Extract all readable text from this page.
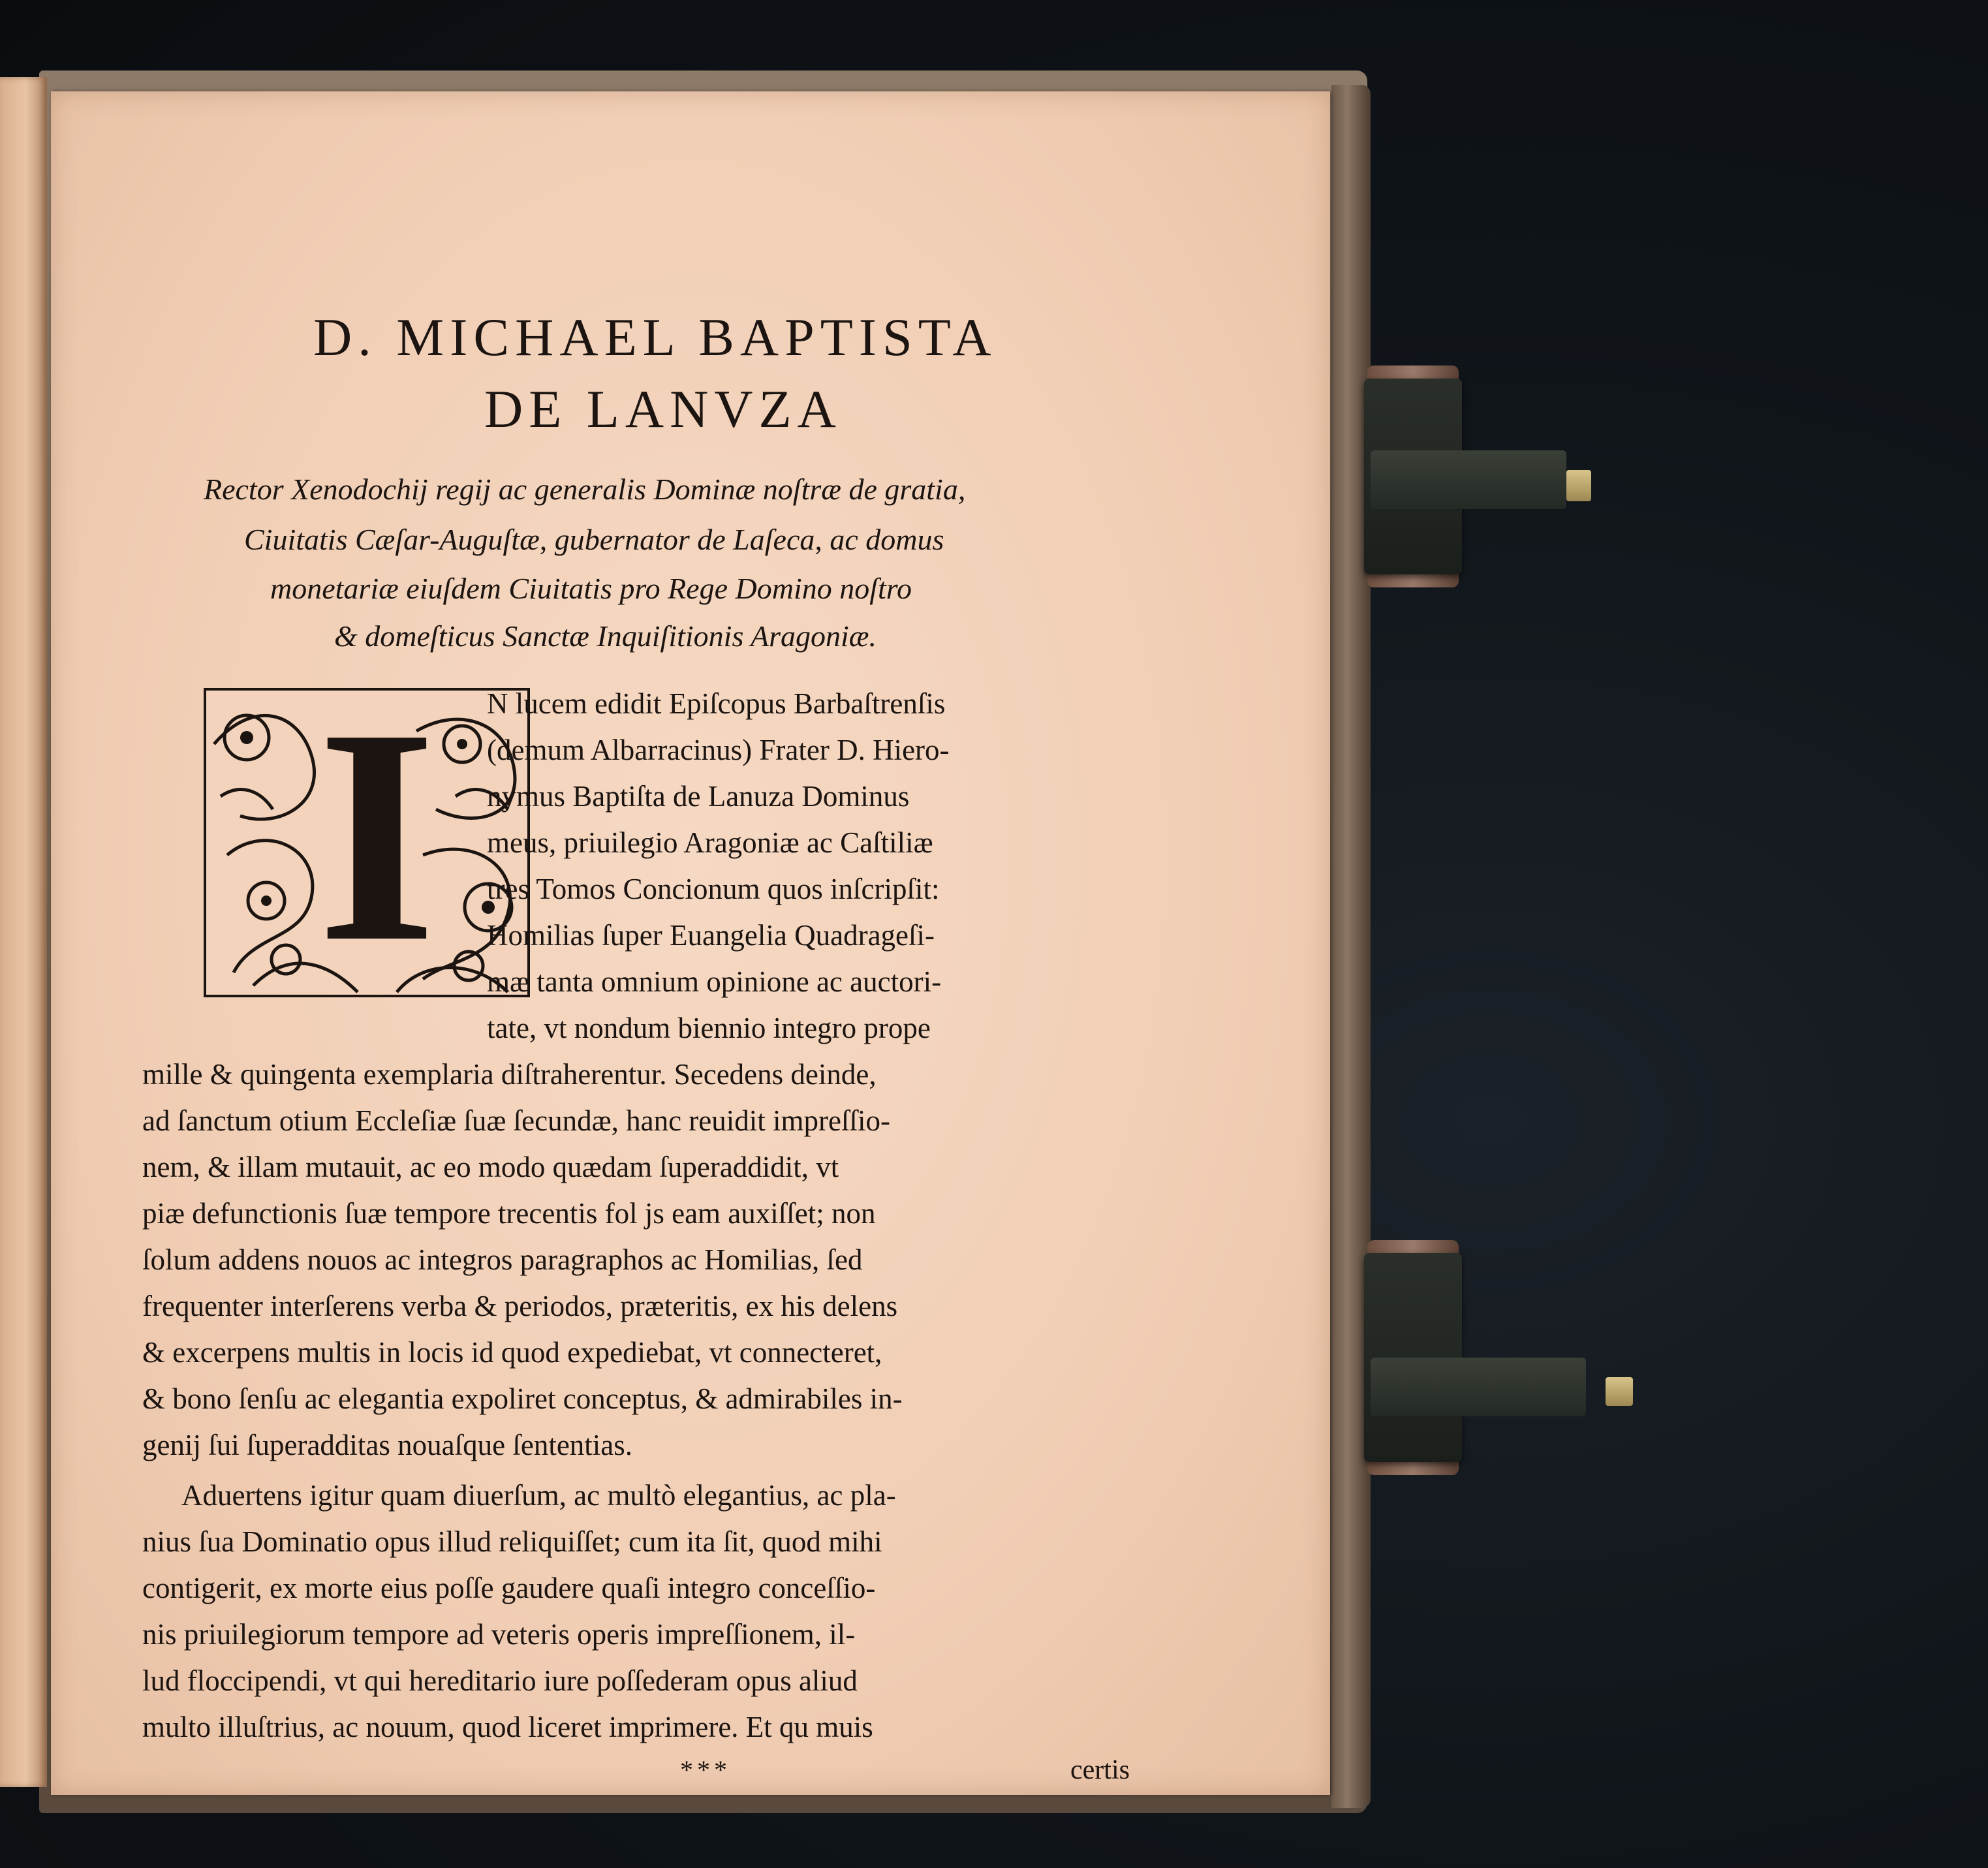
D. MICHAEL BAPTISTA
DE LANVZA
Rector Xenodochij regij ac generalis Dominæ noſtræ de gratia,
Ciuitatis Cæſar-Auguſtæ, gubernator de Laſeca, ac domus
monetariæ eiuſdem Ciuitatis pro Rege Domino noſtro
& domeſticus Sanctæ Inquiſitionis Aragoniæ.
I N lucem edidit Epiſcopus Barbaſtrenſis
(demum Albarracinus) Frater D. Hiero-
nymus Baptiſta de Lanuza Dominus
meus, priuilegio Aragoniæ ac Caſtiliæ
tres Tomos Concionum quos inſcripſit:
Homilias ſuper Euangelia Quadrageſi-
mæ tanta omnium opinione ac auctori-
tate, vt nondum biennio integro prope
mille & quingenta exemplaria diſtraherentur. Secedens deinde,
ad ſanctum otium Eccleſiæ ſuæ ſecundæ, hanc reuidit impreſſio-
nem, & illam mutauit, ac eo modo quædam ſuperaddidit, vt
piæ defunctionis ſuæ tempore trecentis fol js eam auxiſſet; non
ſolum addens nouos ac integros paragraphos ac Homilias, ſed
frequenter interſerens verba & periodos, præteritis, ex his delens
& excerpens multis in locis id quod expediebat, vt connecteret,
& bono ſenſu ac elegantia expoliret conceptus, & admirabiles in-
genij ſui ſuperadditas nouaſque ſententias.
Aduertens igitur quam diuerſum, ac multò elegantius, ac pla-
nius ſua Dominatio opus illud reliquiſſet; cum ita ſit, quod mihi
contigerit, ex morte eius poſſe gaudere quaſi integro conceſſio-
nis priuilegiorum tempore ad veteris operis impreſſionem, il-
lud floccipendi, vt qui hereditario iure poſſederam opus aliud
multo illuſtrius, ac nouum, quod liceret imprimere. Et qu muis
***	certis
